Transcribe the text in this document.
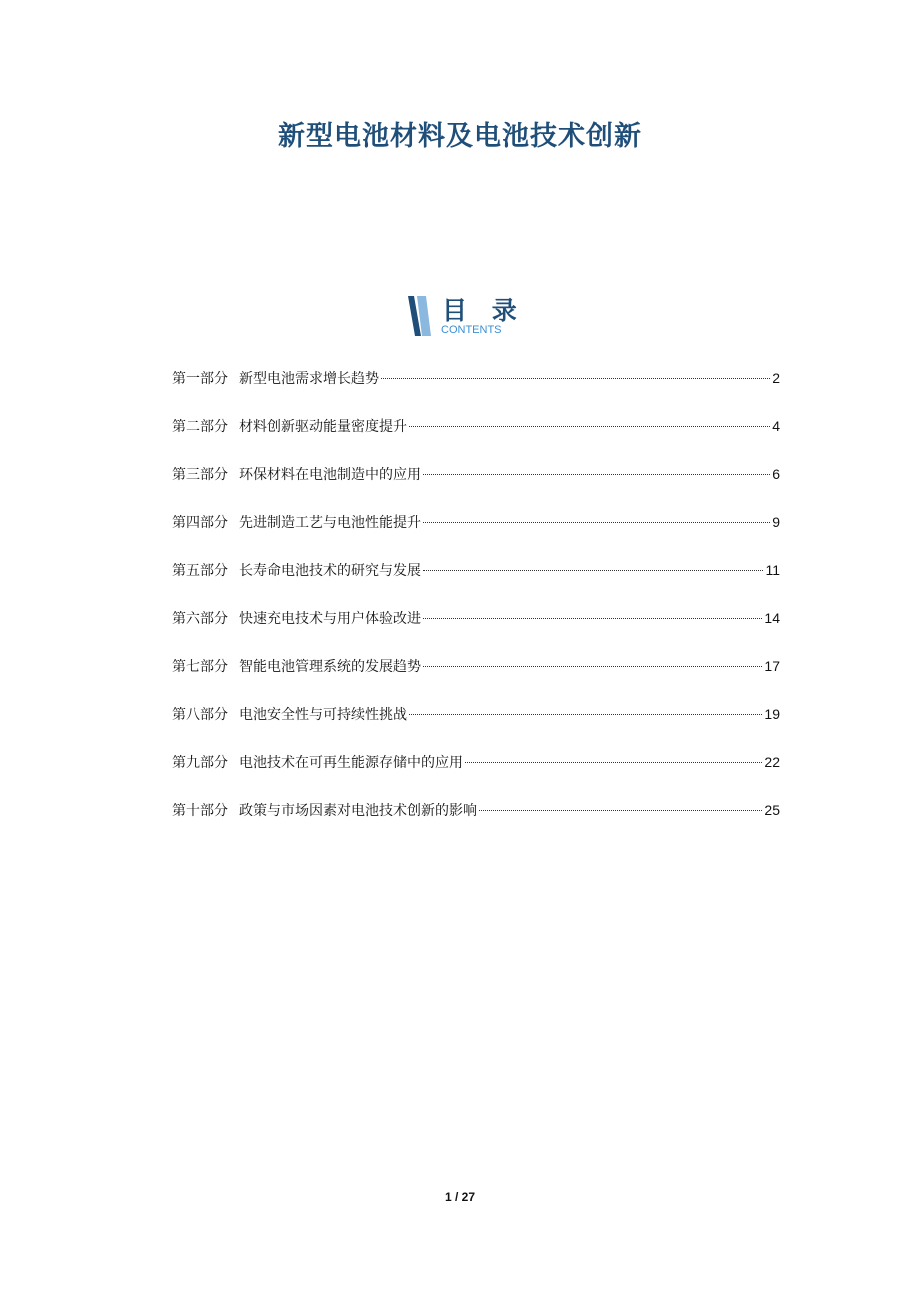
新型电池材料及电池技术创新
目 录
CONTENTS
第一部分 新型电池需求增长趋势	2
第二部分 材料创新驱动能量密度提升	4
第三部分 环保材料在电池制造中的应用	6
第四部分 先进制造工艺与电池性能提升	9
第五部分 长寿命电池技术的研究与发展	11
第六部分 快速充电技术与用户体验改进	14
第七部分 智能电池管理系统的发展趋势	17
第八部分 电池安全性与可持续性挑战	19
第九部分 电池技术在可再生能源存储中的应用	22
第十部分 政策与市场因素对电池技术创新的影响	25
1 / 27
